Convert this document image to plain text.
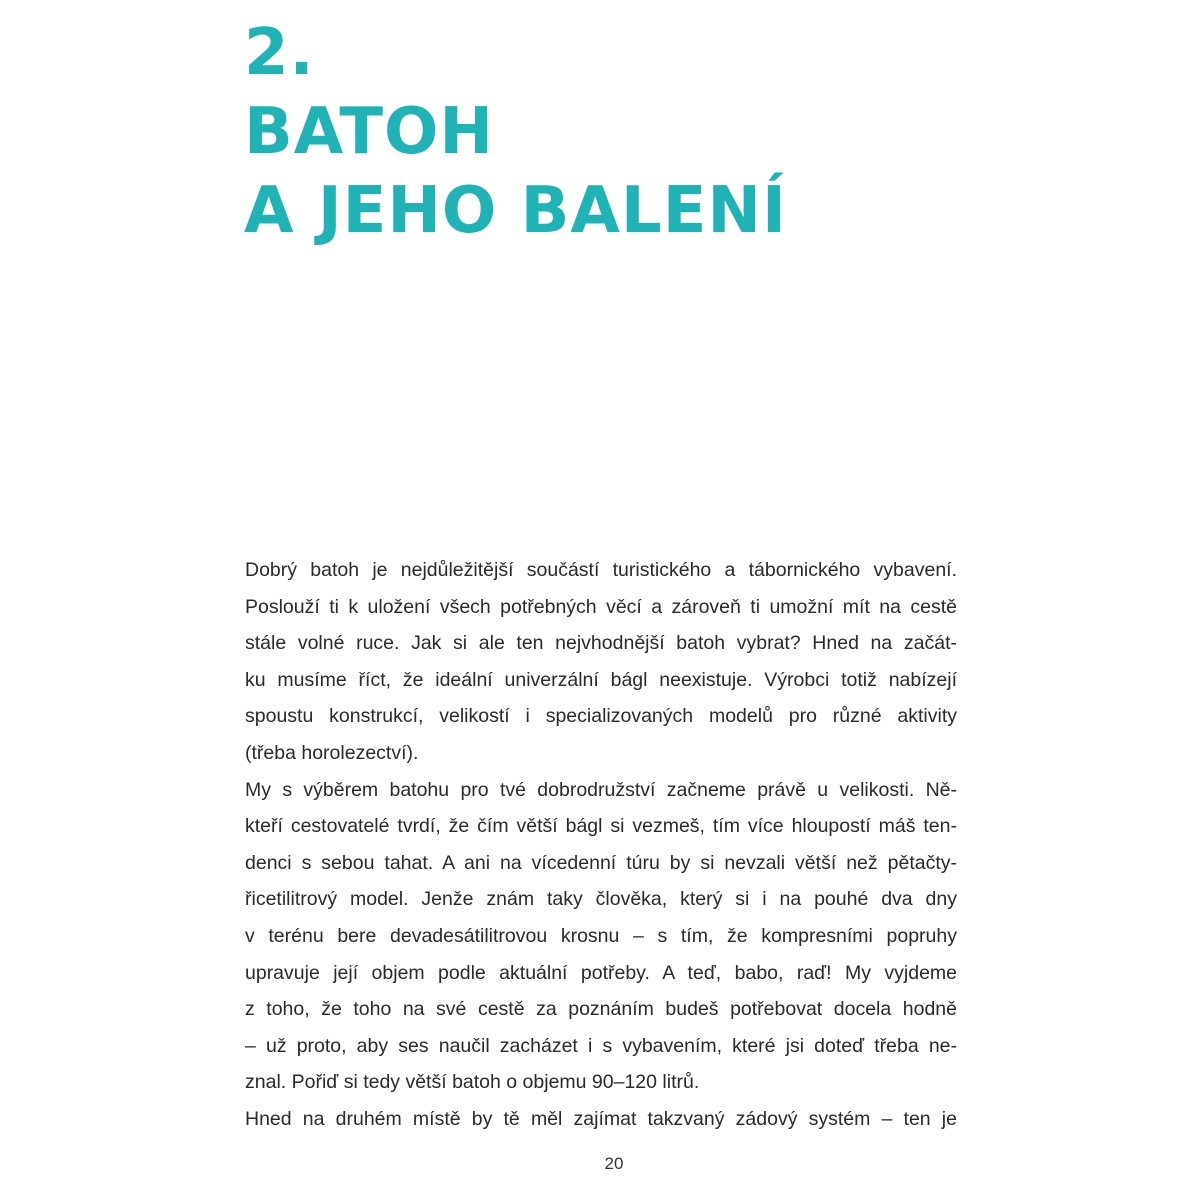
2.
BATOH
A JEHO BALENÍ
Dobrý batoh je nejdůležitější součástí turistického a tábornického vybavení.
Poslouží ti k uložení všech potřebných věcí a zároveň ti umožní mít na cestě
stále volné ruce. Jak si ale ten nejvhodnější batoh vybrat? Hned na začát-
ku musíme říct, že ideální univerzální bágl neexistuje. Výrobci totiž nabízejí
spoustu konstrukcí, velikostí i specializovaných modelů pro různé aktivity
(třeba horolezectví).
My s výběrem batohu pro tvé dobrodružství začneme právě u velikosti. Ně-
kteří cestovatelé tvrdí, že čím větší bágl si vezmeš, tím více hloupostí máš ten-
denci s sebou tahat. A ani na vícedenní túru by si nevzali větší než pětačty-
řicetilitrový model. Jenže znám taky člověka, který si i na pouhé dva dny
v terénu bere devadesátilitrovou krosnu – s tím, že kompresními popruhy
upravuje její objem podle aktuální potřeby. A teď, babo, raď! My vyjdeme
z toho, že toho na své cestě za poznáním budeš potřebovat docela hodně
– už proto, aby ses naučil zacházet i s vybavením, které jsi doteď třeba ne-
znal. Pořiď si tedy větší batoh o objemu 90–120 litrů.
Hned na druhém místě by tě měl zajímat takzvaný zádový systém – ten je
20
